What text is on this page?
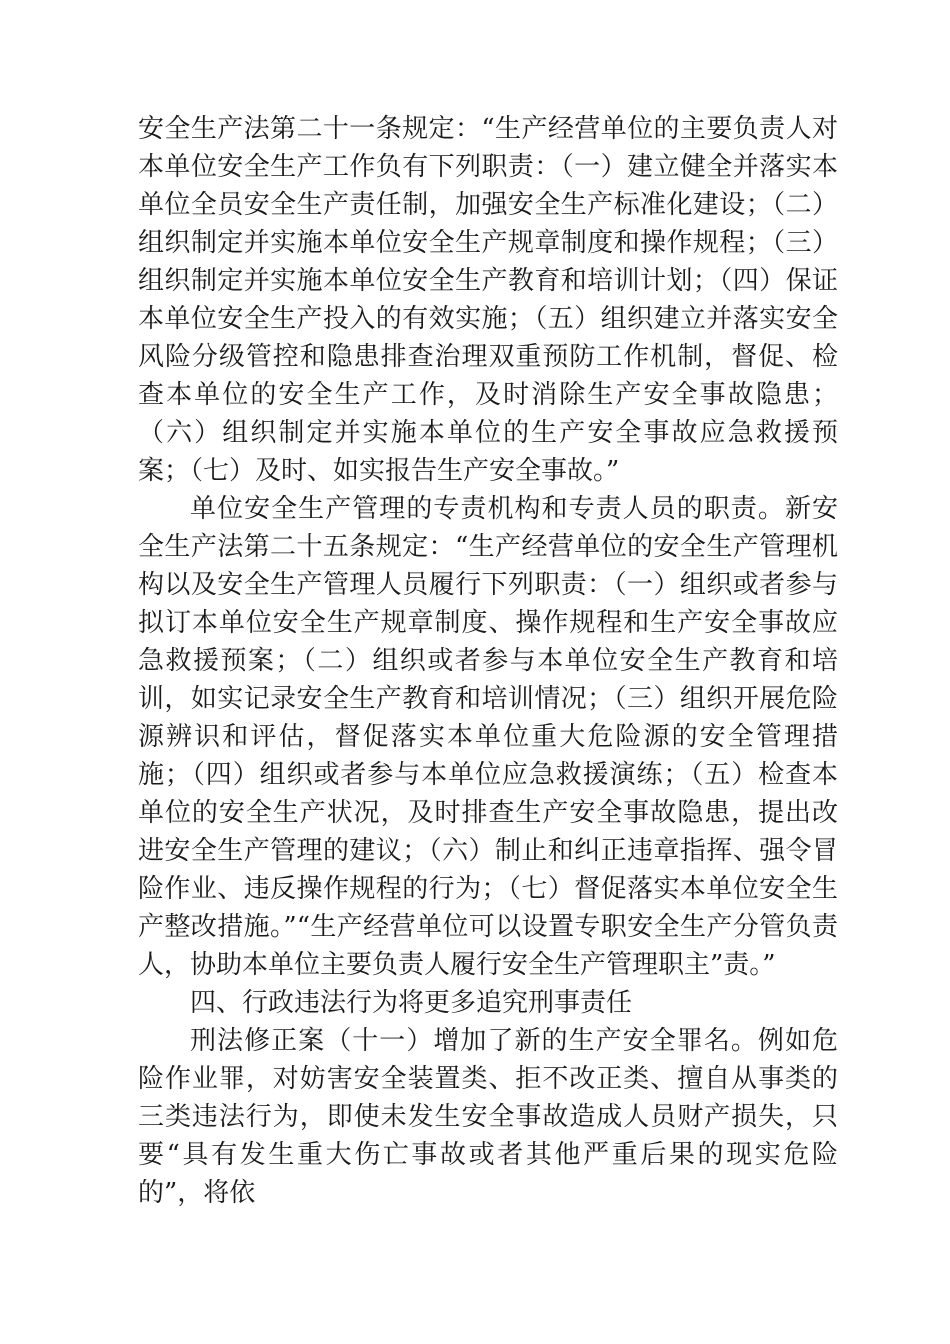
安全生产法第二十一条规定：“生产经营单位的主要负责人对本单位安全生产工作负有下列职责：（一）建立健全并落实本单位全员安全生产责任制，加强安全生产标准化建设；（二）组织制定并实施本单位安全生产规章制度和操作规程；（三）组织制定并实施本单位安全生产教育和培训计划；（四）保证本单位安全生产投入的有效实施；（五）组织建立并落实安全风险分级管控和隐患排查治理双重预防工作机制，督促、检查本单位的安全生产工作，及时消除生产安全事故隐患；（六）组织制定并实施本单位的生产安全事故应急救援预案；（七）及时、如实报告生产安全事故。”

单位安全生产管理的专责机构和专责人员的职责。新安全生产法第二十五条规定：“生产经营单位的安全生产管理机构以及安全生产管理人员履行下列职责：（一）组织或者参与拟订本单位安全生产规章制度、操作规程和生产安全事故应急救援预案；（二）组织或者参与本单位安全生产教育和培训，如实记录安全生产教育和培训情况；（三）组织开展危险源辨识和评估，督促落实本单位重大危险源的安全管理措施；（四）组织或者参与本单位应急救援演练；（五）检查本单位的安全生产状况，及时排查生产安全事故隐患，提出改进安全生产管理的建议；（六）制止和纠正违章指挥、强令冒险作业、违反操作规程的行为；（七）督促落实本单位安全生产整改措施。”“生产经营单位可以设置专职安全生产分管负责人，协助本单位主要负责人履行安全生产管理职主”责。”

四、行政违法行为将更多追究刑事责任

刑法修正案（十一）增加了新的生产安全罪名。例如危险作业罪，对妨害安全装置类、拒不改正类、擅自从事类的三类违法行为，即使未发生安全事故造成人员财产损失，只要“具有发生重大伤亡事故或者其他严重后果的现实危险的”，将依
